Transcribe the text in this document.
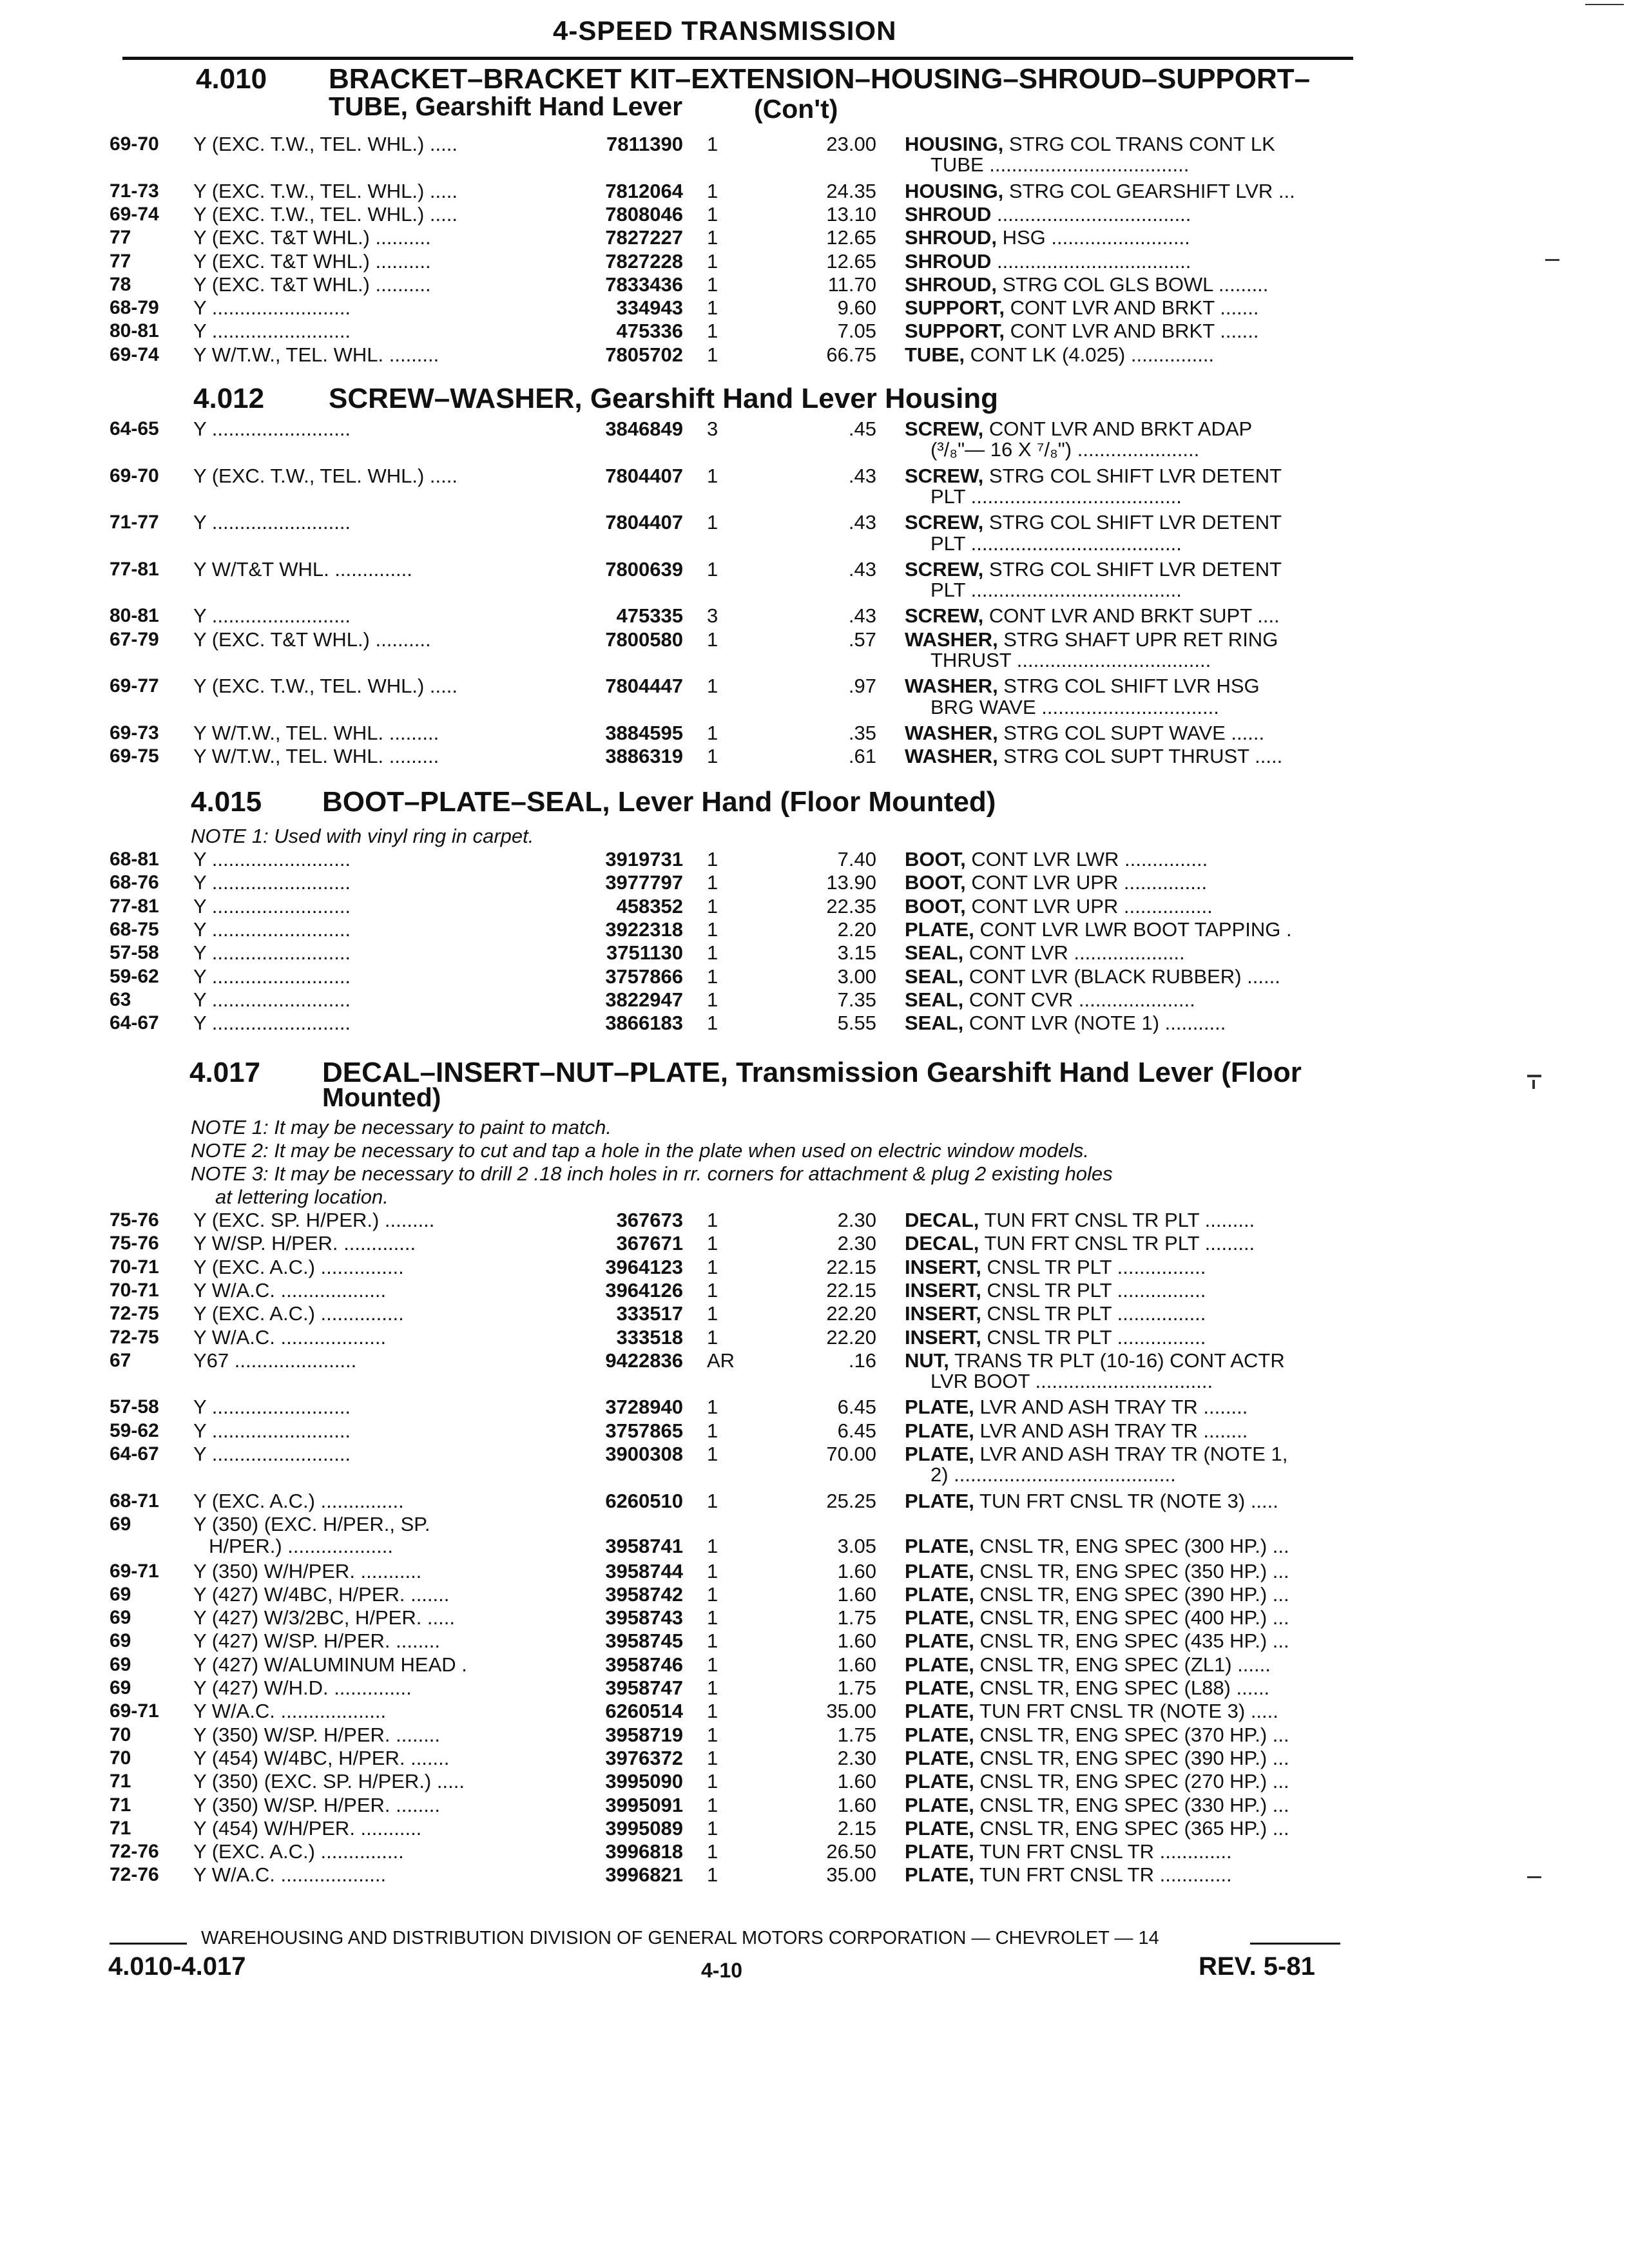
4-SPEED TRANSMISSION
4.010 BRACKET–BRACKET KIT–EXTENSION–HOUSING–SHROUD–SUPPORT–
TUBE, Gearshift Hand Lever	(Con't)
69-70 Y (EXC. T.W., TEL. WHL.) .....	7811390 1	23.00 HOUSING, STRG COL TRANS CONT LK
TUBE ....................................
71-73 Y (EXC. T.W., TEL. WHL.) .....	7812064 1	24.35 HOUSING, STRG COL GEARSHIFT LVR ...
69-74 Y (EXC. T.W., TEL. WHL.) .....	7808046 1	13.10 SHROUD ...................................
77	Y (EXC. T&T WHL.) ..........	7827227 1	12.65 SHROUD, HSG .........................
77	Y (EXC. T&T WHL.) ..........	7827228 1	12.65 SHROUD ...................................
78	Y (EXC. T&T WHL.) ..........	7833436 1	11.70 SHROUD, STRG COL GLS BOWL .........
68-79 Y .........................	334943 1	9.60 SUPPORT, CONT LVR AND BRKT .......
80-81 Y .........................	475336 1	7.05 SUPPORT, CONT LVR AND BRKT .......
69-74 Y W/T.W., TEL. WHL. .........	7805702 1	66.75 TUBE, CONT LK (4.025) ...............
4.012 SCREW–WASHER, Gearshift Hand Lever Housing
64-65 Y .........................	3846849 3	.45 SCREW, CONT LVR AND BRKT ADAP
(³/₈"— 16 X ⁷/₈") ......................
69-70 Y (EXC. T.W., TEL. WHL.) .....	7804407 1	.43 SCREW, STRG COL SHIFT LVR DETENT
PLT ......................................
71-77 Y .........................	7804407 1	.43 SCREW, STRG COL SHIFT LVR DETENT
PLT ......................................
77-81 Y W/T&T WHL. ..............	7800639 1	.43 SCREW, STRG COL SHIFT LVR DETENT
PLT ......................................
80-81 Y .........................	475335 3	.43 SCREW, CONT LVR AND BRKT SUPT ....
67-79 Y (EXC. T&T WHL.) ..........	7800580 1	.57 WASHER, STRG SHAFT UPR RET RING
THRUST ...................................
69-77 Y (EXC. T.W., TEL. WHL.) .....	7804447 1	.97 WASHER, STRG COL SHIFT LVR HSG
BRG WAVE ................................
69-73 Y W/T.W., TEL. WHL. .........	3884595 1	.35 WASHER, STRG COL SUPT WAVE ......
69-75 Y W/T.W., TEL. WHL. .........	3886319 1	.61 WASHER, STRG COL SUPT THRUST .....
4.015 BOOT–PLATE–SEAL, Lever Hand (Floor Mounted)
NOTE 1: Used with vinyl ring in carpet.
68-81 Y .........................	3919731 1	7.40 BOOT, CONT LVR LWR ...............
68-76 Y .........................	3977797 1	13.90 BOOT, CONT LVR UPR ...............
77-81 Y .........................	458352 1	22.35 BOOT, CONT LVR UPR ................
68-75 Y .........................	3922318 1	2.20 PLATE, CONT LVR LWR BOOT TAPPING .
57-58 Y .........................	3751130 1	3.15 SEAL, CONT LVR ....................
59-62 Y .........................	3757866 1	3.00 SEAL, CONT LVR (BLACK RUBBER) ......
63	Y .........................	3822947 1	7.35 SEAL, CONT CVR .....................
64-67 Y .........................	3866183 1	5.55 SEAL, CONT LVR (NOTE 1) ...........
4.017 DECAL–INSERT–NUT–PLATE, Transmission Gearshift Hand Lever (Floor
Mounted)
NOTE 1: It may be necessary to paint to match.
NOTE 2: It may be necessary to cut and tap a hole in the plate when used on electric window models.
NOTE 3: It may be necessary to drill 2 .18 inch holes in rr. corners for attachment & plug 2 existing holes
at lettering location.
75-76 Y (EXC. SP. H/PER.) .........	367673 1	2.30 DECAL, TUN FRT CNSL TR PLT .........
75-76 Y W/SP. H/PER. .............	367671 1	2.30 DECAL, TUN FRT CNSL TR PLT .........
70-71 Y (EXC. A.C.) ...............	3964123 1	22.15 INSERT, CNSL TR PLT ................
70-71 Y W/A.C. ...................	3964126 1	22.15 INSERT, CNSL TR PLT ................
72-75 Y (EXC. A.C.) ...............	333517 1	22.20 INSERT, CNSL TR PLT ................
72-75 Y W/A.C. ...................	333518 1	22.20 INSERT, CNSL TR PLT ................
67	Y67 ......................	9422836 AR	.16 NUT, TRANS TR PLT (10-16) CONT ACTR
LVR BOOT ................................
57-58 Y .........................	3728940 1	6.45 PLATE, LVR AND ASH TRAY TR ........
59-62 Y .........................	3757865 1	6.45 PLATE, LVR AND ASH TRAY TR ........
64-67 Y .........................	3900308 1	70.00 PLATE, LVR AND ASH TRAY TR (NOTE 1,
2) ........................................
68-71 Y (EXC. A.C.) ...............	6260510 1	25.25 PLATE, TUN FRT CNSL TR (NOTE 3) .....
69	Y (350) (EXC. H/PER., SP.
H/PER.) ...................	3958741 1	3.05 PLATE, CNSL TR, ENG SPEC (300 HP.) ...
69-71 Y (350) W/H/PER. ...........	3958744 1	1.60 PLATE, CNSL TR, ENG SPEC (350 HP.) ...
69	Y (427) W/4BC, H/PER. .......	3958742 1	1.60 PLATE, CNSL TR, ENG SPEC (390 HP.) ...
69	Y (427) W/3/2BC, H/PER. .....	3958743 1	1.75 PLATE, CNSL TR, ENG SPEC (400 HP.) ...
69	Y (427) W/SP. H/PER. ........	3958745 1	1.60 PLATE, CNSL TR, ENG SPEC (435 HP.) ...
69	Y (427) W/ALUMINUM HEAD .	3958746 1	1.60 PLATE, CNSL TR, ENG SPEC (ZL1) ......
69	Y (427) W/H.D. ..............	3958747 1	1.75 PLATE, CNSL TR, ENG SPEC (L88) ......
69-71 Y W/A.C. ...................	6260514 1	35.00 PLATE, TUN FRT CNSL TR (NOTE 3) .....
70	Y (350) W/SP. H/PER. ........	3958719 1	1.75 PLATE, CNSL TR, ENG SPEC (370 HP.) ...
70	Y (454) W/4BC, H/PER. .......	3976372 1	2.30 PLATE, CNSL TR, ENG SPEC (390 HP.) ...
71	Y (350) (EXC. SP. H/PER.) .....	3995090 1	1.60 PLATE, CNSL TR, ENG SPEC (270 HP.) ...
71	Y (350) W/SP. H/PER. ........	3995091 1	1.60 PLATE, CNSL TR, ENG SPEC (330 HP.) ...
71	Y (454) W/H/PER. ...........	3995089 1	2.15 PLATE, CNSL TR, ENG SPEC (365 HP.) ...
72-76 Y (EXC. A.C.) ...............	3996818 1	26.50 PLATE, TUN FRT CNSL TR .............
72-76 Y W/A.C. ...................	3996821 1	35.00 PLATE, TUN FRT CNSL TR .............
WAREHOUSING AND DISTRIBUTION DIVISION OF GENERAL MOTORS CORPORATION — CHEVROLET — 14
4.010-4.017	4-10	REV. 5-81
